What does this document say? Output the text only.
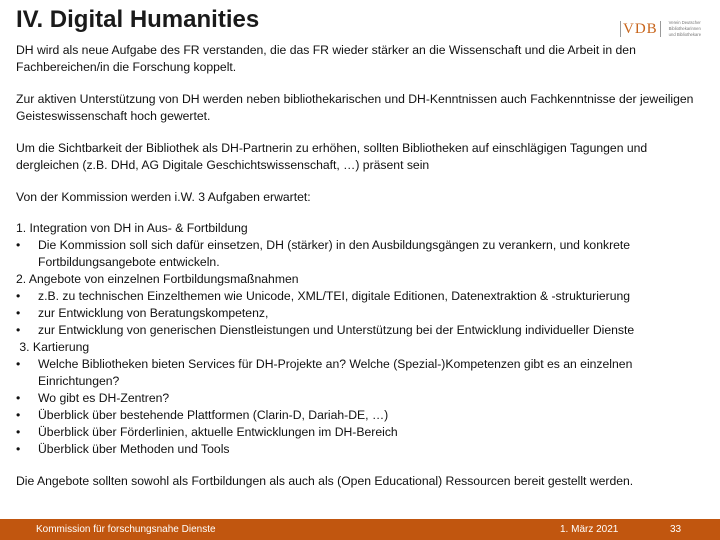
IV. Digital Humanities	VDB	Verein Deutscher
Bibliothekarinnen
und Bibliothekare

DH wird als neue Aufgabe des FR verstanden, die das FR wieder stärker an die Wissenschaft und die Arbeit in den Fachbereichen/in die Forschung koppelt.

Zur aktiven Unterstützung von DH werden neben bibliothekarischen und DH-Kenntnissen auch Fachkenntnisse der jeweiligen Geisteswissenschaft hoch gewertet.

Um die Sichtbarkeit der Bibliothek als DH-Partnerin zu erhöhen, sollten Bibliotheken auf einschlägigen Tagungen und dergleichen (z.B. DHd, AG Digitale Geschichtswissenschaft, …) präsent sein

Von der Kommission werden i.W. 3 Aufgaben erwartet:

1. Integration von DH in Aus- & Fortbildung

•	Die Kommission soll sich dafür einsetzen, DH (stärker) in den Ausbildungsgängen zu verankern, und konkrete Fortbildungsangebote entwickeln.

2. Angebote von einzelnen Fortbildungsmaßnahmen

•	z.B. zu technischen Einzelthemen wie Unicode, XML/TEI, digitale Editionen, Datenextraktion & -strukturierung

•	zur Entwicklung von Beratungskompetenz,

•	zur Entwicklung von generischen Dienstleistungen und Unterstützung bei der Entwicklung individueller Dienste

3. Kartierung

•	Welche Bibliotheken bieten Services für DH-Projekte an? Welche (Spezial-)Kompetenzen gibt es an einzelnen Einrichtungen?

•	Wo gibt es DH-Zentren?

•	Überblick über bestehende Plattformen (Clarin-D, Dariah-DE, …)

•	Überblick über Förderlinien, aktuelle Entwicklungen im DH-Bereich

•	Überblick über Methoden und Tools

Die Angebote sollten sowohl als Fortbildungen als auch als (Open Educational) Ressourcen bereit gestellt werden.

Kommission für forschungsnahe Dienste	1. März 2021	33
